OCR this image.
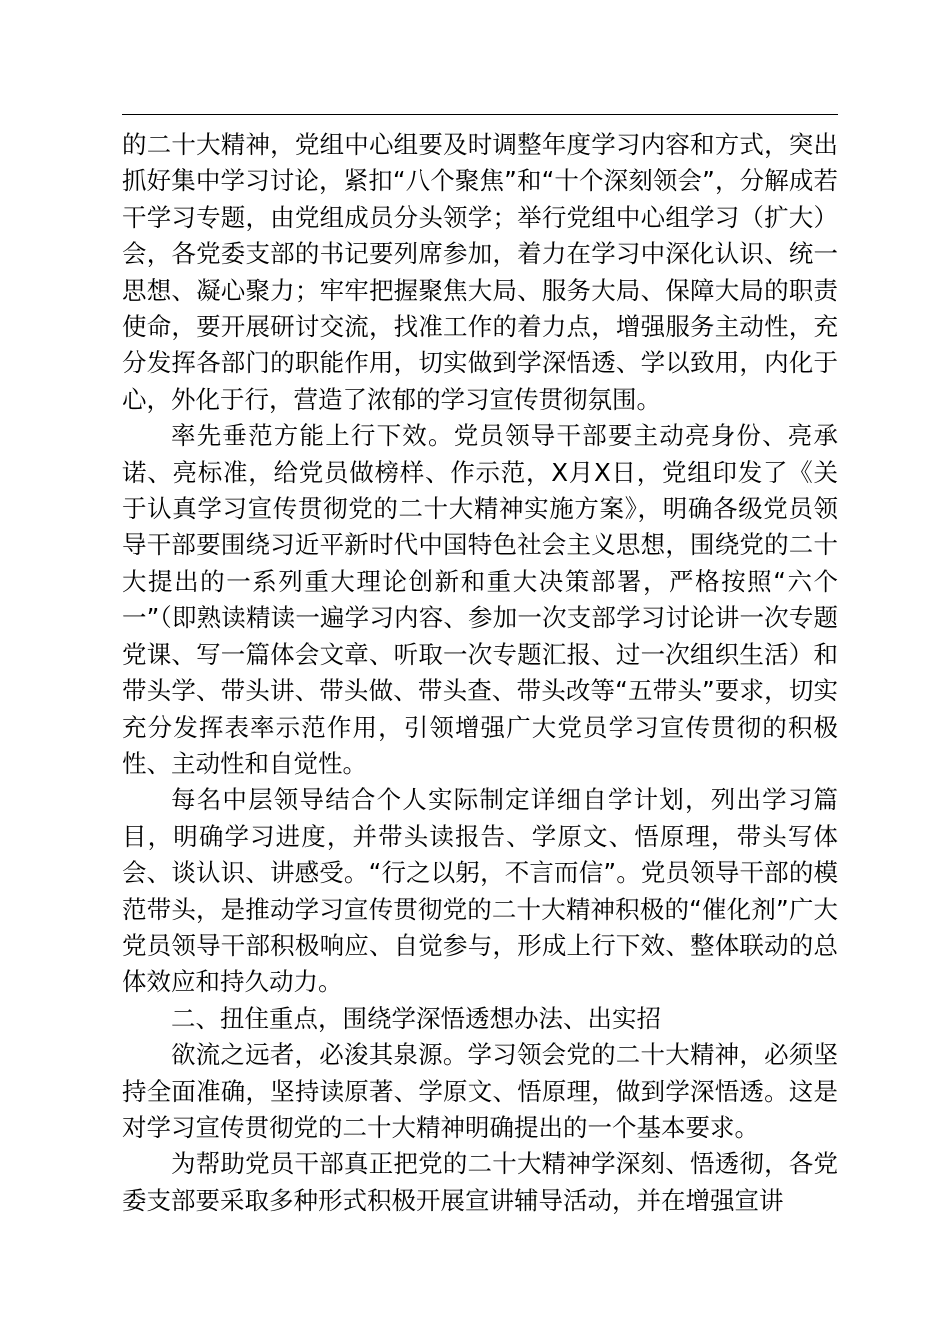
的二十大精神，党组中心组要及时调整年度学习内容和方式，突出抓好集中学习讨论，紧扣“八个聚焦”和“十个深刻领会”，分解成若干学习专题，由党组成员分头领学；举行党组中心组学习（扩大）会，各党委支部的书记要列席参加，着力在学习中深化认识、统一思想、凝心聚力；牢牢把握聚焦大局、服务大局、保障大局的职责使命，要开展研讨交流，找准工作的着力点，增强服务主动性，充分发挥各部门的职能作用，切实做到学深悟透、学以致用，内化于心，外化于行，营造了浓郁的学习宣传贯彻氛围。

率先垂范方能上行下效。党员领导干部要主动亮身份、亮承诺、亮标准，给党员做榜样、作示范，X月X日，党组印发了《关于认真学习宣传贯彻党的二十大精神实施方案》，明确各级党员领导干部要围绕习近平新时代中国特色社会主义思想，围绕党的二十大提出的一系列重大理论创新和重大决策部署，严格按照“六个一”（即熟读精读一遍学习内容、参加一次支部学习讨论讲一次专题党课、写一篇体会文章、听取一次专题汇报、过一次组织生活）和带头学、带头讲、带头做、带头查、带头改等“五带头”要求，切实充分发挥表率示范作用，引领增强广大党员学习宣传贯彻的积极性、主动性和自觉性。

每名中层领导结合个人实际制定详细自学计划，列出学习篇目，明确学习进度，并带头读报告、学原文、悟原理，带头写体会、谈认识、讲感受。“行之以躬，不言而信”。党员领导干部的模范带头，是推动学习宣传贯彻党的二十大精神积极的“催化剂”广大党员领导干部积极响应、自觉参与，形成上行下效、整体联动的总体效应和持久动力。

二、扭住重点，围绕学深悟透想办法、出实招

欲流之远者，必浚其泉源。学习领会党的二十大精神，必须坚持全面准确，坚持读原著、学原文、悟原理，做到学深悟透。这是对学习宣传贯彻党的二十大精神明确提出的一个基本要求。

为帮助党员干部真正把党的二十大精神学深刻、悟透彻，各党委支部要采取多种形式积极开展宣讲辅导活动，并在增强宣讲
